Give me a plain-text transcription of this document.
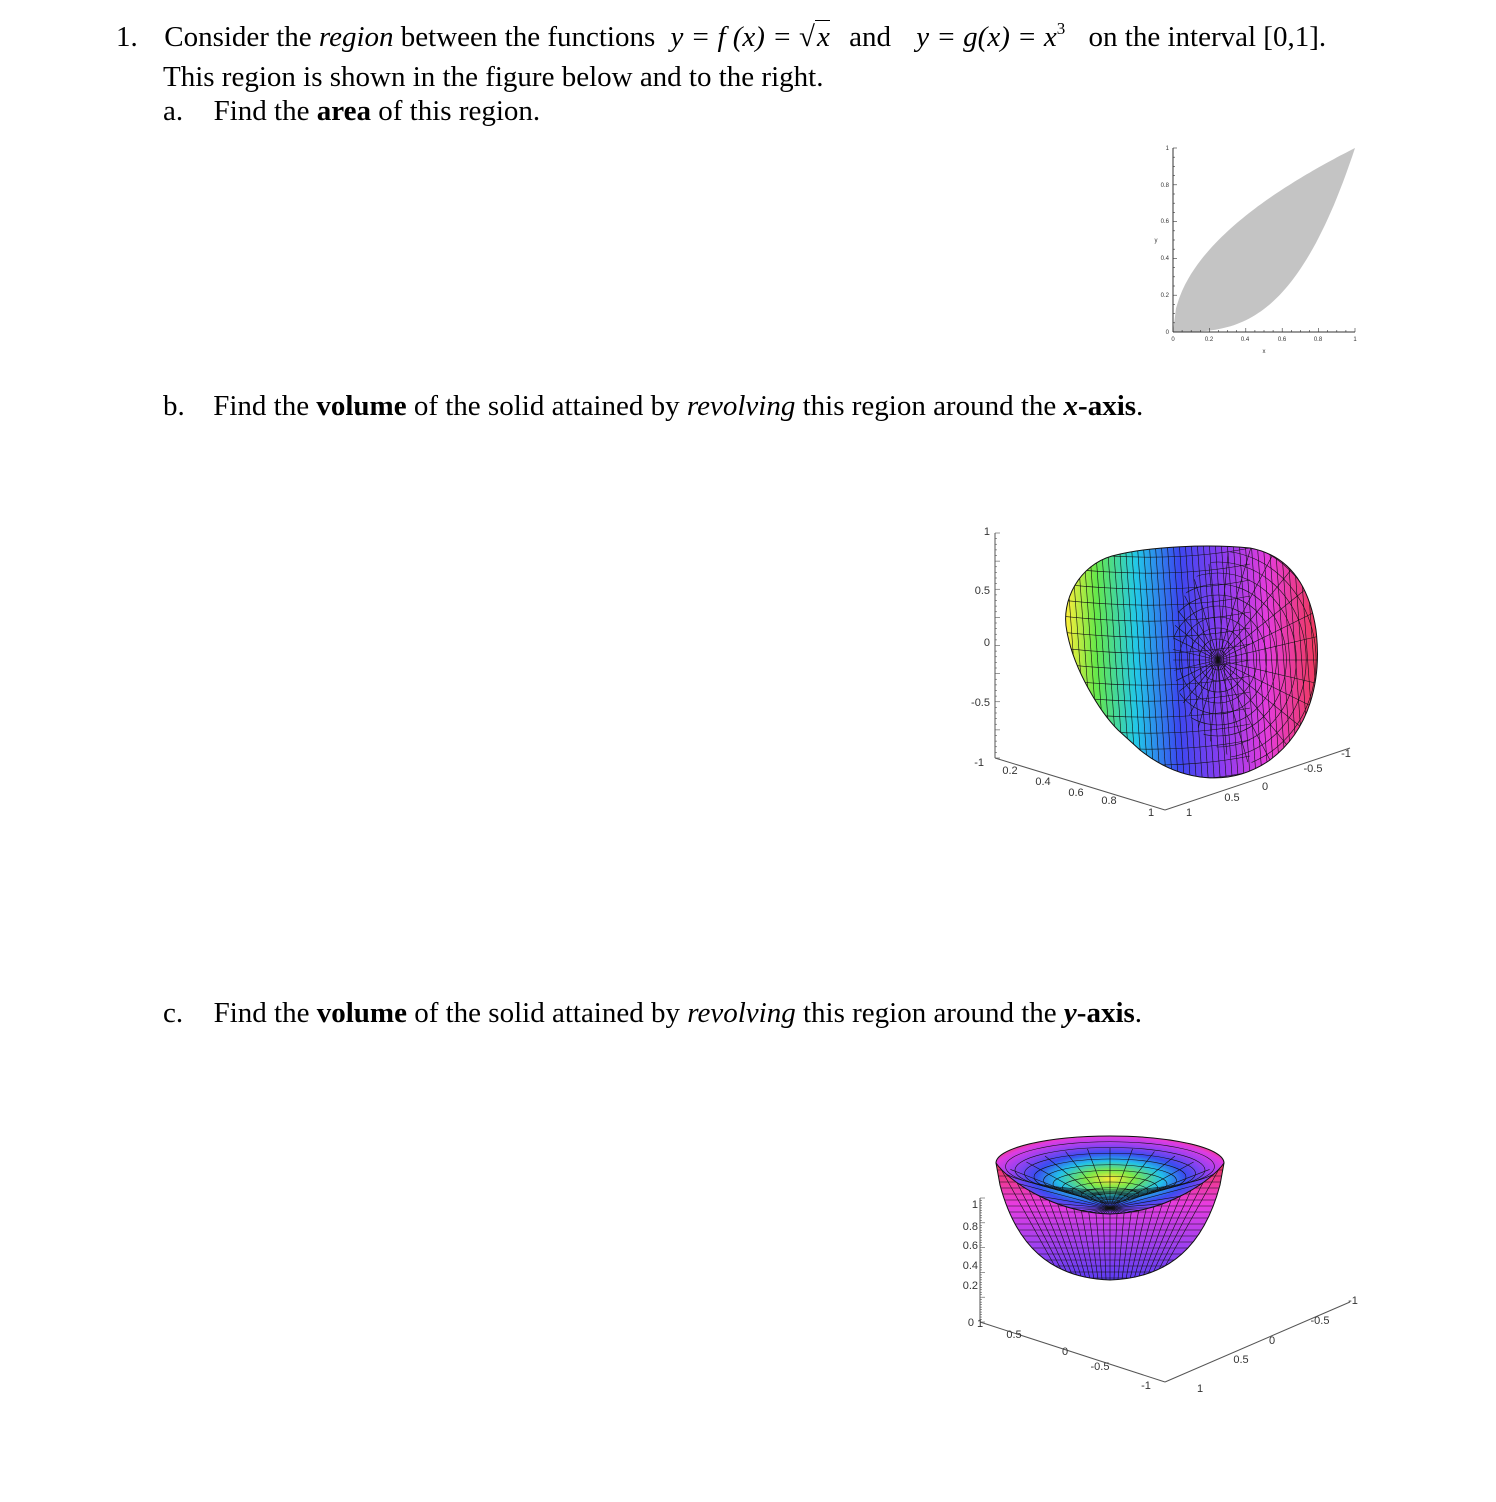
1. Consider the region between the functions y = f (x) = √x and $y = g(x) = x^3$ on the interval [0,1].
This region is shown in the figure below and to the right.
a. Find the area of this region.
b. Find the volume of the solid attained by revolving this region around the x-axis.
c. Find the volume of the solid attained by revolving this region around the y-axis.
0	0.2	0.4	0.6	0.8	1
0
0.2
0.4
0.6
0.8
1
x
y
1
0.5
0
-0.5
-1
0.2
0.4
0.6
0.8
1	1
0.5
0
-0.5
-1
1
0.8
0.6
0.4
0.2
0 1
0.5
0
-0.5
-1	1
0.5
0
-0.5
-1
